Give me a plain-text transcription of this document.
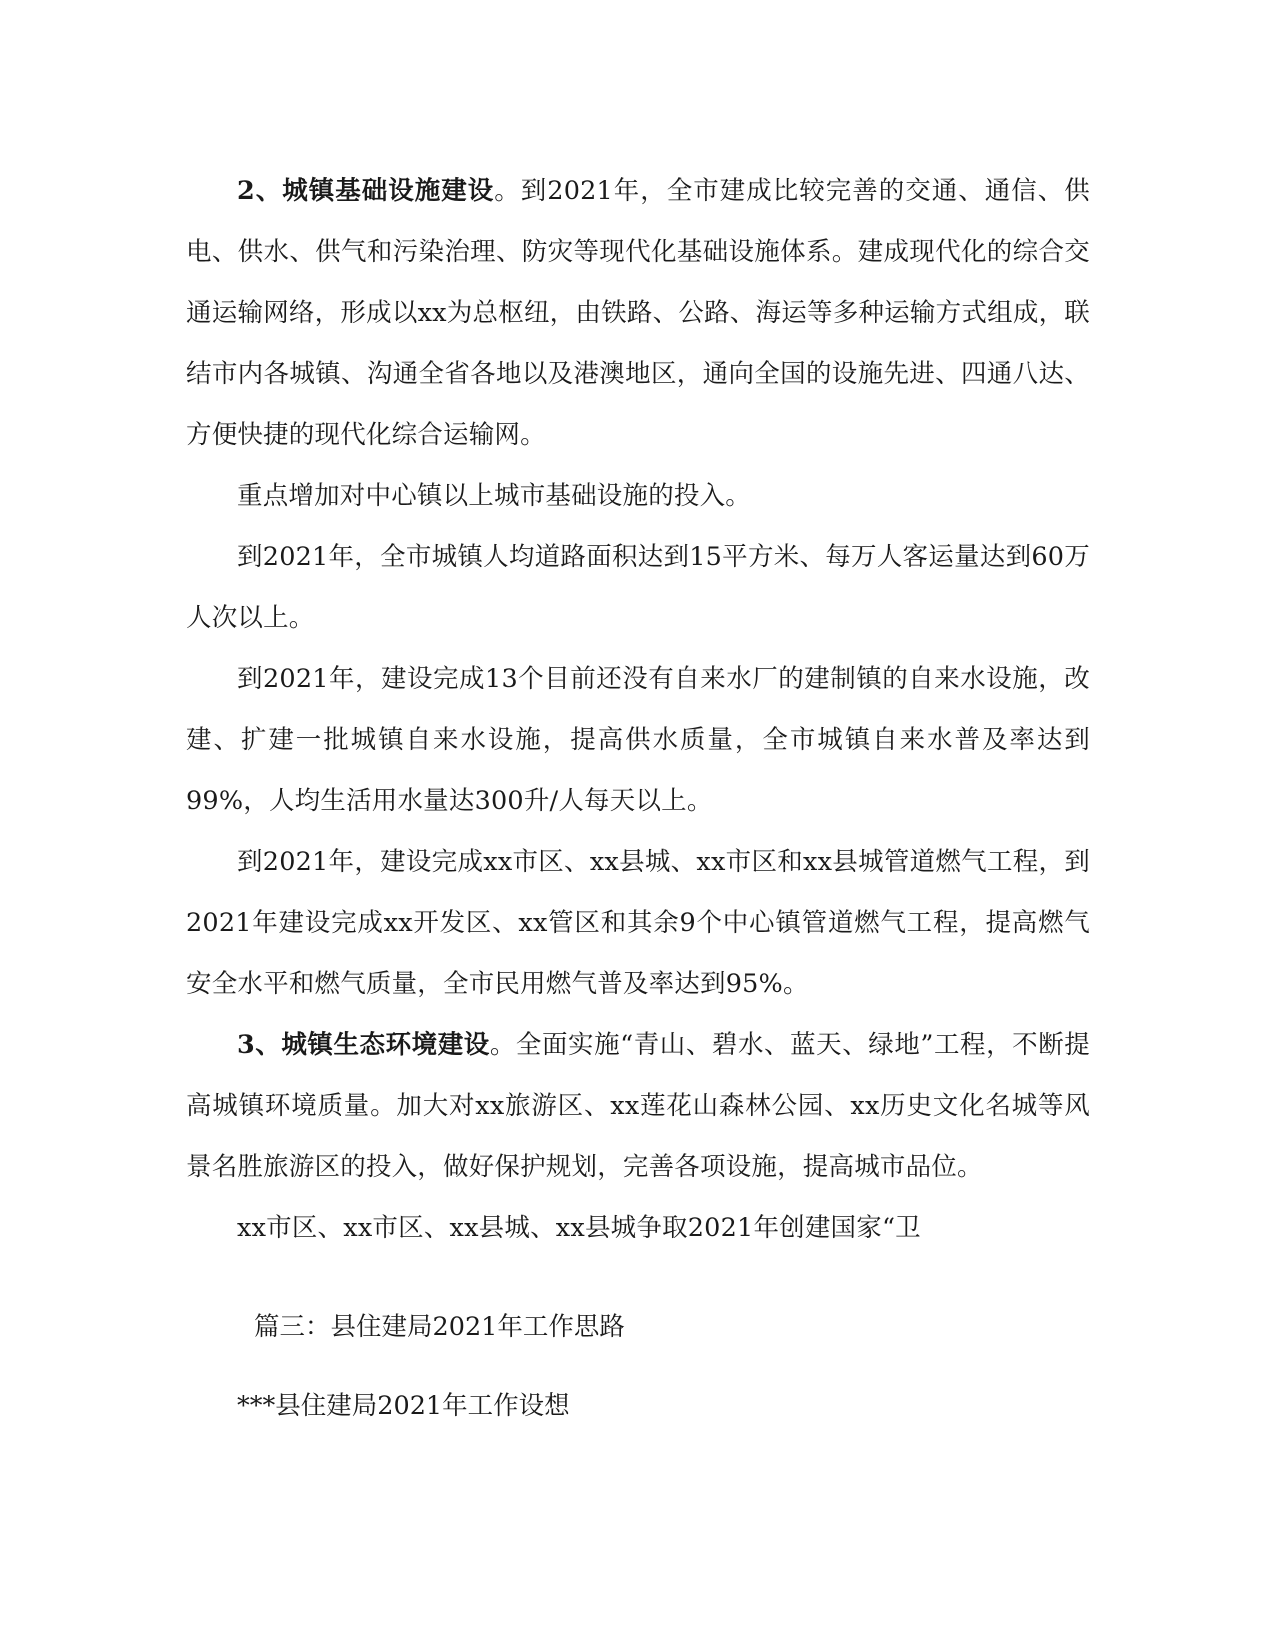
2、城镇基础设施建设。到2021年，全市建成比较完善的交通、通信、供电、供水、供气和污染治理、防灾等现代化基础设施体系。建成现代化的综合交通运输网络，形成以xx为总枢纽，由铁路、公路、海运等多种运输方式组成，联结市内各城镇、沟通全省各地以及港澳地区，通向全国的设施先进、四通八达、方便快捷的现代化综合运输网。

重点增加对中心镇以上城市基础设施的投入。

到2021年，全市城镇人均道路面积达到15平方米、每万人客运量达到60万人次以上。

到2021年，建设完成13个目前还没有自来水厂的建制镇的自来水设施，改建、扩建一批城镇自来水设施，提高供水质量，全市城镇自来水普及率达到99%，人均生活用水量达300升/人每天以上。

到2021年，建设完成xx市区、xx县城、xx市区和xx县城管道燃气工程，到2021年建设完成xx开发区、xx管区和其余9个中心镇管道燃气工程，提高燃气安全水平和燃气质量，全市民用燃气普及率达到95%。

3、城镇生态环境建设。全面实施“青山、碧水、蓝天、绿地”工程，不断提高城镇环境质量。加大对xx旅游区、xx莲花山森林公园、xx历史文化名城等风景名胜旅游区的投入，做好保护规划，完善各项设施，提高城市品位。

xx市区、xx市区、xx县城、xx县城争取2021年创建国家“卫

篇三：县住建局2021年工作思路

***县住建局2021年工作设想
